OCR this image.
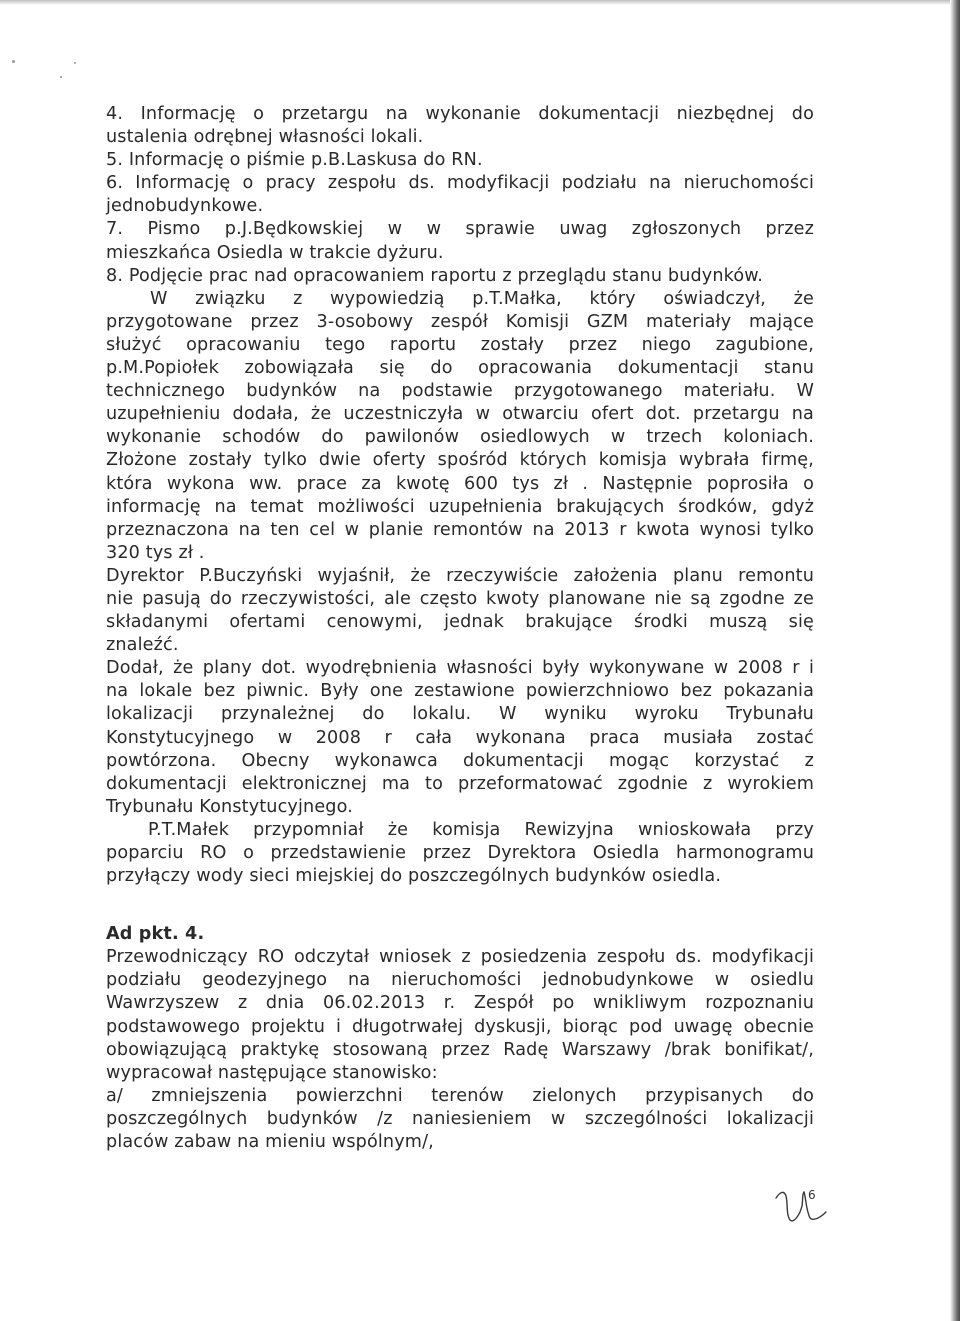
4. Informację o przetargu na wykonanie dokumentacji niezbędnej do

ustalenia odrębnej własności lokali.

5. Informację o piśmie p.B.Laskusa do RN.

6. Informację o pracy zespołu ds. modyfikacji podziału na nieruchomości

jednobudynkowe.

7. Pismo p.J.Będkowskiej w w sprawie uwag zgłoszonych przez

mieszkańca Osiedla w trakcie dyżuru.

8. Podjęcie prac nad opracowaniem raportu z przeglądu stanu budynków.

W związku z wypowiedzią p.T.Małka, który oświadczył, że

przygotowane przez 3-osobowy zespół Komisji GZM materiały mające

służyć opracowaniu tego raportu zostały przez niego zagubione,

p.M.Popiołek zobowiązała się do opracowania dokumentacji stanu

technicznego budynków na podstawie przygotowanego materiału. W

uzupełnieniu dodała, że uczestniczyła w otwarciu ofert dot. przetargu na

wykonanie schodów do pawilonów osiedlowych w trzech koloniach.

Złożone zostały tylko dwie oferty spośród których komisja wybrała firmę,

która wykona ww. prace za kwotę 600 tys zł . Następnie poprosiła o

informację na temat możliwości uzupełnienia brakujących środków, gdyż

przeznaczona na ten cel w planie remontów na 2013 r kwota wynosi tylko

320 tys zł .

Dyrektor P.Buczyński wyjaśnił, że rzeczywiście założenia planu remontu

nie pasują do rzeczywistości, ale często kwoty planowane nie są zgodne ze

składanymi ofertami cenowymi, jednak brakujące środki muszą się

znaleźć.

Dodał, że plany dot. wyodrębnienia własności były wykonywane w 2008 r i

na lokale bez piwnic. Były one zestawione powierzchniowo bez pokazania

lokalizacji przynależnej do lokalu. W wyniku wyroku Trybunału

Konstytucyjnego w 2008 r cała wykonana praca musiała zostać

powtórzona. Obecny wykonawca dokumentacji mogąc korzystać z

dokumentacji elektronicznej ma to przeformatować zgodnie z wyrokiem

Trybunału Konstytucyjnego.

P.T.Małek przypomniał że komisja Rewizyjna wnioskowała przy

poparciu RO o przedstawienie przez Dyrektora Osiedla harmonogramu

przyłączy wody sieci miejskiej do poszczególnych budynków osiedla.

Ad pkt. 4.

Przewodniczący RO odczytał wniosek z posiedzenia zespołu ds. modyfikacji

podziału geodezyjnego na nieruchomości jednobudynkowe w osiedlu

Wawrzyszew z dnia 06.02.2013 r. Zespół po wnikliwym rozpoznaniu

podstawowego projektu i długotrwałej dyskusji, biorąc pod uwagę obecnie

obowiązującą praktykę stosowaną przez Radę Warszawy /brak bonifikat/,

wypracował następujące stanowisko:

a/ zmniejszenia powierzchni terenów zielonych przypisanych do

poszczególnych budynków /z naniesieniem w szczególności lokalizacji

placów zabaw na mieniu wspólnym/,

6
